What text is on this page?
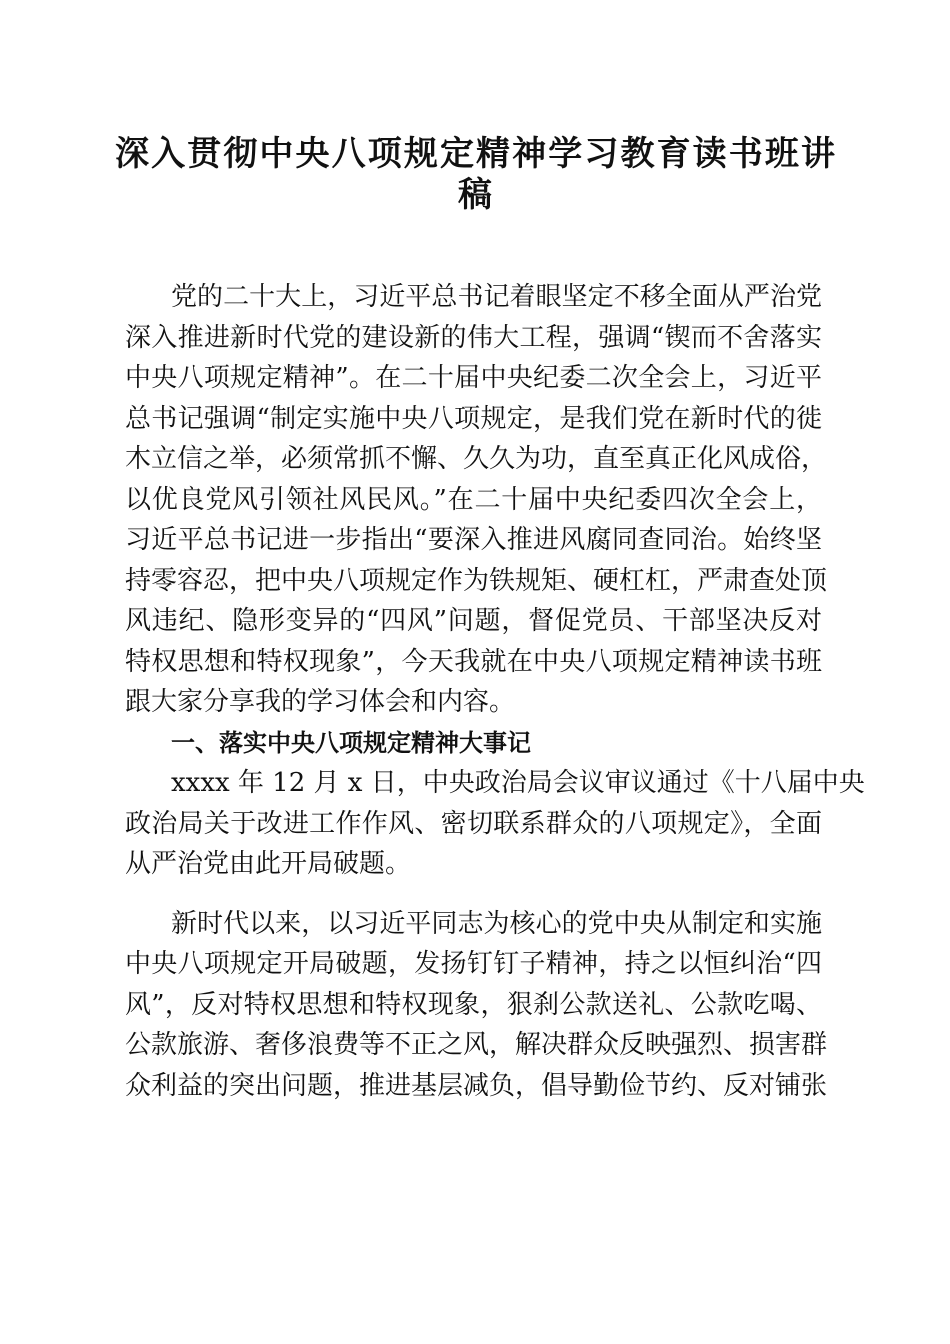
深入贯彻中央八项规定精神学习教育读书班讲
稿
党的二十大上，习近平总书记着眼坚定不移全面从严治党
深入推进新时代党的建设新的伟大工程，强调“锲而不舍落实
中央八项规定精神”。在二十届中央纪委二次全会上，习近平
总书记强调“制定实施中央八项规定，是我们党在新时代的徙
木立信之举，必须常抓不懈、久久为功，直至真正化风成俗，
以优良党风引领社风民风。”在二十届中央纪委四次全会上，
习近平总书记进一步指出“要深入推进风腐同查同治。始终坚
持零容忍，把中央八项规定作为铁规矩、硬杠杠，严肃查处顶
风违纪、隐形变异的“四风”问题，督促党员、干部坚决反对
特权思想和特权现象”，今天我就在中央八项规定精神读书班
跟大家分享我的学习体会和内容。
一、落实中央八项规定精神大事记
xxxx 年 12 月 x 日，中央政治局会议审议通过《十八届中央
政治局关于改进工作作风、密切联系群众的八项规定》，全面
从严治党由此开局破题。
新时代以来，以习近平同志为核心的党中央从制定和实施
中央八项规定开局破题，发扬钉钉子精神，持之以恒纠治“四
风”，反对特权思想和特权现象，狠刹公款送礼、公款吃喝、
公款旅游、奢侈浪费等不正之风，解决群众反映强烈、损害群
众利益的突出问题，推进基层减负，倡导勤俭节约、反对铺张
